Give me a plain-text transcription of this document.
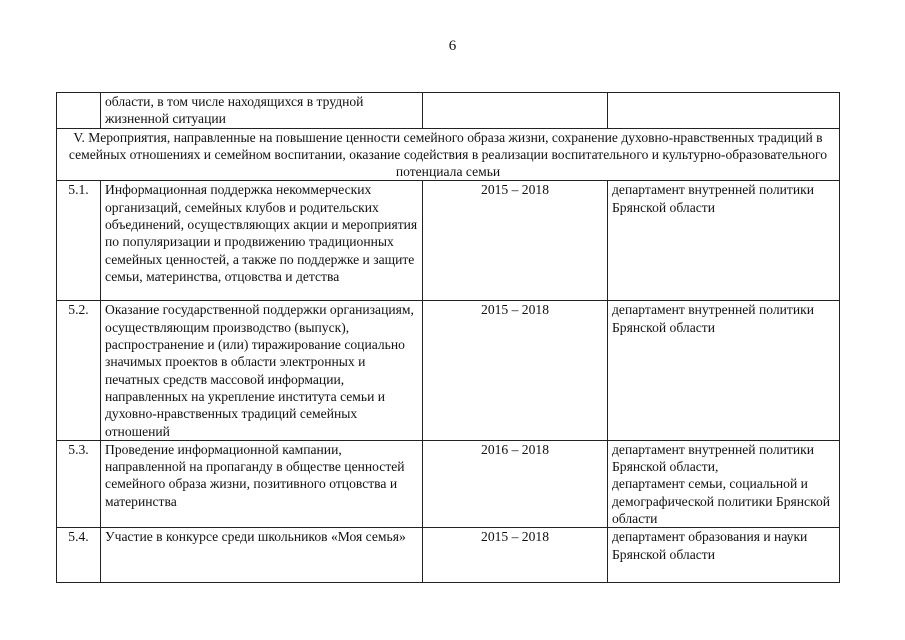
6
	области, в том числе находящихся в трудной жизненной ситуации		
V. Мероприятия, направленные на повышение ценности семейного образа жизни, сохранение духовно-нравственных традиций в семейных отношениях и семейном воспитании, оказание содействия в реализации воспитательного и культурно-образовательного потенциала семьи			
5.1.	Информационная поддержка некоммерческих организаций, семейных клубов и родительских объединений, осуществляющих акции и мероприятия по популяризации и продвижению традиционных семейных ценностей, а также по поддержке и защите семьи, материнства, отцовства и детства	2015 – 2018	департамент внутренней политики Брянской области

5.2.	Оказание государственной поддержки организациям, осуществляющим производство (выпуск), распространение и (или) тиражирование социально значимых проектов в области электронных и печатных средств массовой информации, направленных на укрепление института семьи и духовно-нравственных традиций семейных отношений	2015 – 2018	департамент внутренней политики Брянской области

5.3.	Проведение информационной кампании, направленной на пропаганду в обществе ценностей семейного образа жизни, позитивного отцовства и материнства	2016 – 2018	департамент внутренней политики Брянской области,
департамент семьи, социальной и демографической политики Брянской области

5.4.	Участие в конкурсе среди школьников «Моя семья»	2015 – 2018	департамент образования и науки Брянской области
